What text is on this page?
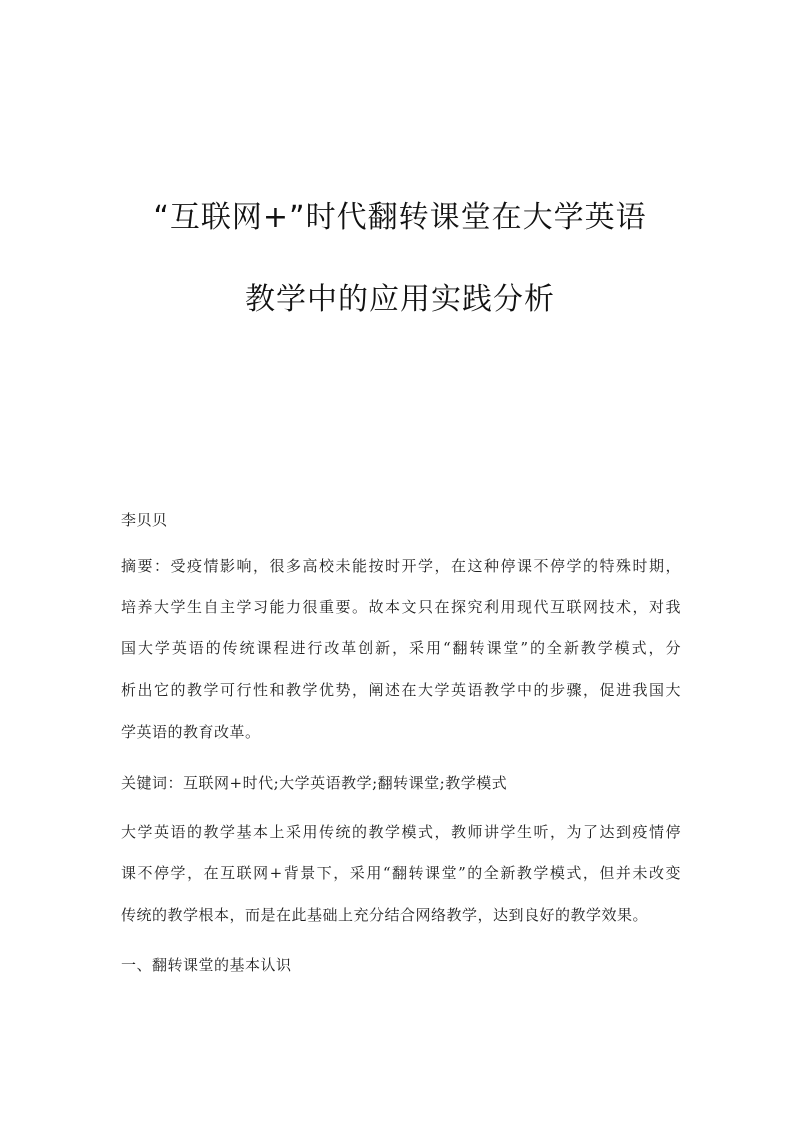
“互联网+”时代翻转课堂在大学英语
教学中的应用实践分析
李贝贝
摘要：受疫情影响，很多高校未能按时开学，在这种停课不停学的特殊时期，
培养大学生自主学习能力很重要。故本文只在探究利用现代互联网技术，对我
国大学英语的传统课程进行改革创新，采用“翻转课堂”的全新教学模式，分
析出它的教学可行性和教学优势，阐述在大学英语教学中的步骤，促进我国大
学英语的教育改革。
关键词：互联网+时代;大学英语教学;翻转课堂;教学模式
大学英语的教学基本上采用传统的教学模式，教师讲学生听，为了达到疫情停
课不停学，在互联网+背景下，采用“翻转课堂”的全新教学模式，但并未改变
传统的教学根本，而是在此基础上充分结合网络教学，达到良好的教学效果。
一、翻转课堂的基本认识
